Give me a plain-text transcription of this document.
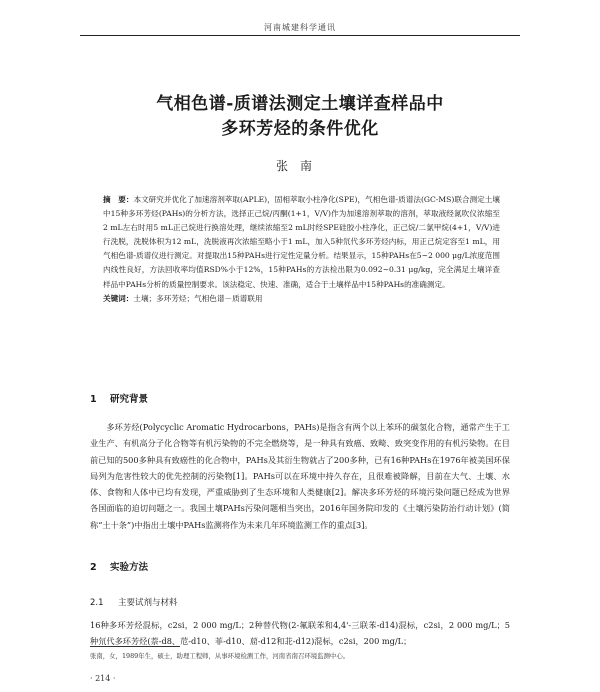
河南城建科学通讯
气相色谱-质谱法测定土壤详查样品中
多环芳烃的条件优化
张南
摘　要：本文研究并优化了加速溶剂萃取(APLE)，固相萃取小柱净化(SPE)，气相色谱-质谱法(GC-MS)联合测定土壤中15种多环芳烃(PAHs)的分析方法，选择正己烷/丙酮(1+1，V/V)作为加速溶剂萃取的溶剂，萃取液经氮吹仪浓缩至2 mL左右时用5 mL正己烷进行换溶处理，继续浓缩至2 mL时经SPE硅胶小柱净化，正己烷/二氯甲烷(4+1，V/V)进行洗脱，洗脱体积为12 mL，洗脱液再次浓缩至略小于1 mL，加入5种氘代多环芳烃内标，用正己烷定容至1 mL，用气相色谱-质谱仪进行测定。对提取出15种PAHs进行定性定量分析。结果显示，15种PAHs在5~2 000 μg/L浓度范围内线性良好，方法回收率均值RSD%小于12%，15种PAHs的方法检出限为0.092~0.31 μg/kg，完全满足土壤详查样品中PAHs分析的质量控制要求。该法稳定、快速、准确，适合于土壤样品中15种PAHs的准确测定。
关键词：土壤；多环芳烃；气相色谱－质谱联用
1 研究背景
多环芳烃(Polycyclic Aromatic Hydrocarbons，PAHs)是指含有两个以上苯环的碳氢化合物，通常产生于工业生产、有机高分子化合物等有机污染物的不完全燃烧等，是一种具有致癌、致畸、致突变作用的有机污染物。在目前已知的500多种具有致癌性的化合物中，PAHs及其衍生物就占了200多种，已有16种PAHs在1976年被美国环保局列为危害性较大的优先控制的污染物[1]。PAHs可以在环境中持久存在，且很难被降解，目前在大气、土壤、水体、食物和人体中已均有发现，严重威胁到了生态环境和人类健康[2]。解决多环芳烃的环境污染问题已经成为世界各国面临的迫切问题之一。我国土壤PAHs污染问题相当突出，2016年国务院印发的《土壤污染防治行动计划》(简称“土十条”)中指出土壤中PAHs监测将作为未来几年环境监测工作的重点[3]。
2 实验方法
2.1 主要试剂与材料
16种多环芳烃混标，c2si，2 000 mg/L；2种替代物(2-氟联苯和4,4'-三联苯-d14)混标，c2si，2 000 mg/L；5种氘代多环芳烃(萘-d8、苊-d10、菲-d10、䓛-d12和苝-d12)混标，c2si，200 mg/L；
张南，女，1989年生，硕士，助理工程师，从事环境检测工作，河南省南召环境监测中心。
· 214 ·
